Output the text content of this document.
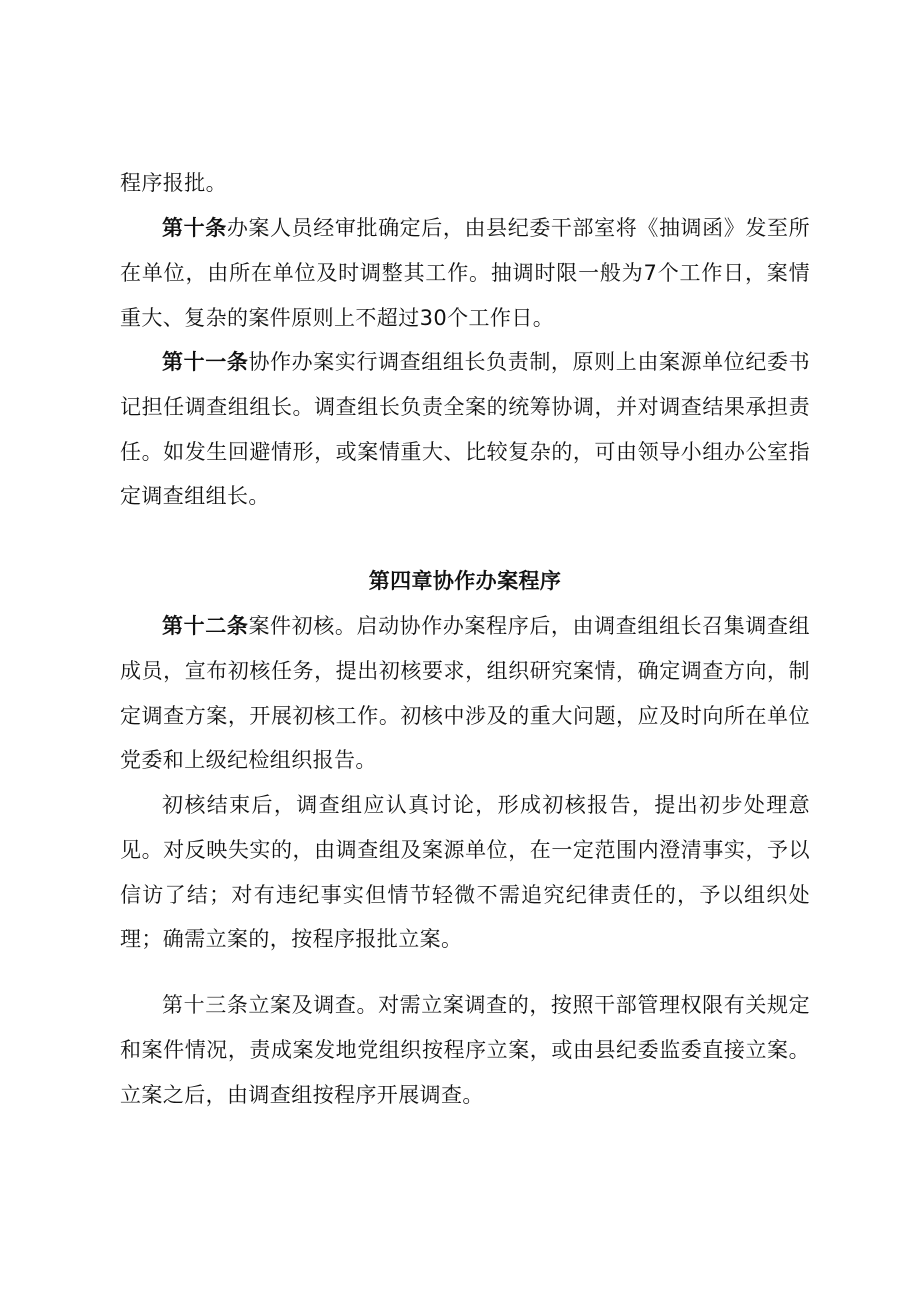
程序报批。

第十条办案人员经审批确定后，由县纪委干部室将《抽调函》发至所在单位，由所在单位及时调整其工作。抽调时限一般为7个工作日，案情重大、复杂的案件原则上不超过30个工作日。

第十一条协作办案实行调查组组长负责制，原则上由案源单位纪委书记担任调查组组长。调查组长负责全案的统筹协调，并对调查结果承担责任。如发生回避情形，或案情重大、比较复杂的，可由领导小组办公室指定调查组组长。

第四章协作办案程序

第十二条案件初核。启动协作办案程序后，由调查组组长召集调查组成员，宣布初核任务，提出初核要求，组织研究案情，确定调查方向，制定调查方案，开展初核工作。初核中涉及的重大问题，应及时向所在单位党委和上级纪检组织报告。

初核结束后，调查组应认真讨论，形成初核报告，提出初步处理意见。对反映失实的，由调查组及案源单位，在一定范围内澄清事实，予以信访了结；对有违纪事实但情节轻微不需追究纪律责任的，予以组织处理；确需立案的，按程序报批立案。

第十三条立案及调查。对需立案调查的，按照干部管理权限有关规定和案件情况，责成案发地党组织按程序立案，或由县纪委监委直接立案。立案之后，由调查组按程序开展调查。
